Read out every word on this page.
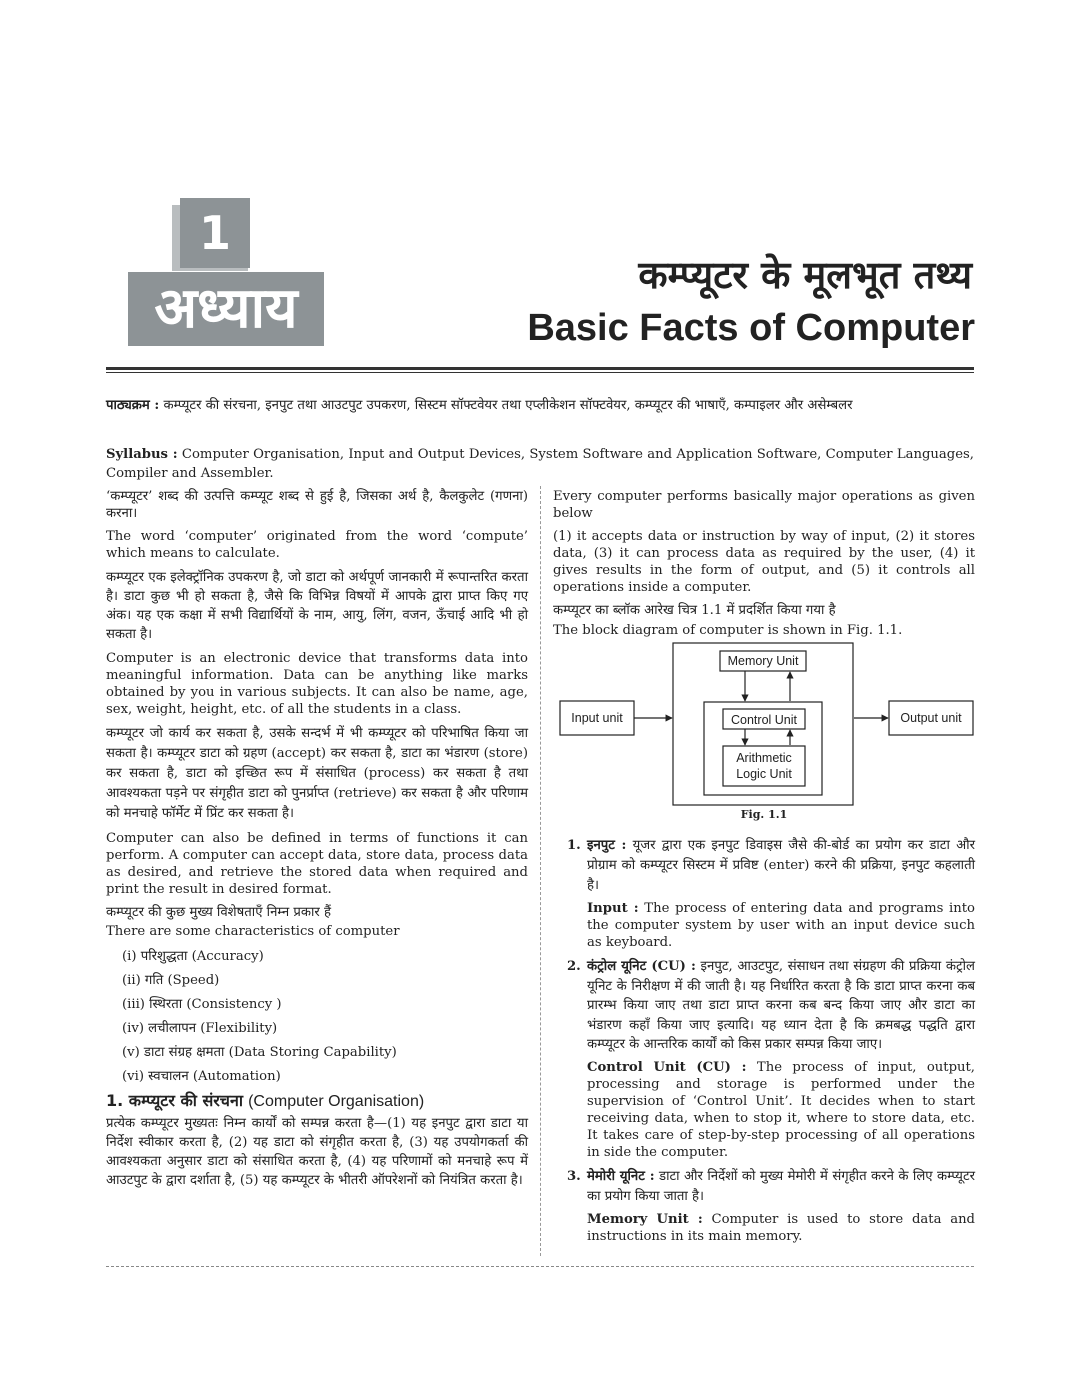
1
अध्याय
कम्प्यूटर के मूलभूत तथ्य
Basic Facts of Computer
पाठ्यक्रम : कम्प्यूटर की संरचना, इनपुट तथा आउटपुट उपकरण, सिस्टम सॉफ्टवेयर तथा एप्लीकेशन सॉफ्टवेयर, कम्प्यूटर की भाषाएँ, कम्पाइलर और असेम्बलर
Syllabus : Computer Organisation, Input and Output Devices, System Software and Application Software, Computer Languages, Compiler and Assembler.

‘कम्प्यूटर’ शब्द की उत्पत्ति कम्प्यूट शब्द से हुई है, जिसका अर्थ है, कैलकुलेट (गणना) करना।

The word ‘computer’ originated from the word ‘compute’ which means to calculate.

कम्प्यूटर एक इलेक्ट्रॉनिक उपकरण है, जो डाटा को अर्थपूर्ण जानकारी में रूपान्तरित करता है। डाटा कुछ भी हो सकता है, जैसे कि विभिन्न विषयों में आपके द्वारा प्राप्त किए गए अंक। यह एक कक्षा में सभी विद्यार्थियों के नाम, आयु, लिंग, वजन, ऊँचाई आदि भी हो सकता है।

Computer is an electronic device that transforms data into meaningful information. Data can be anything like marks obtained by you in various subjects. It can also be name, age, sex, weight, height, etc. of all the students in a class.

कम्प्यूटर जो कार्य कर सकता है, उसके सन्दर्भ में भी कम्प्यूटर को परिभाषित किया जा सकता है। कम्प्यूटर डाटा को ग्रहण (accept) कर सकता है, डाटा का भंडारण (store) कर सकता है, डाटा को इच्छित रूप में संसाधित (process) कर सकता है तथा आवश्यकता पड़ने पर संगृहीत डाटा को पुनर्प्राप्त (retrieve) कर सकता है और परिणाम को मनचाहे फॉर्मेट में प्रिंट कर सकता है।

Computer can also be defined in terms of functions it can perform. A computer can accept data, store data, process data as desired, and retrieve the stored data when required and print the result in desired format.

कम्प्यूटर की कुछ मुख्य विशेषताएँ निम्न प्रकार हैं

There are some characteristics of computer

(i) परिशुद्धता (Accuracy)
(ii) गति (Speed)
(iii) स्थिरता (Consistency )
(iv) लचीलापन (Flexibility)
(v) डाटा संग्रह क्षमता (Data Storing Capability)
(vi) स्वचालन (Automation)
1. कम्प्यूटर की संरचना (Computer Organisation)

प्रत्येक कम्प्यूटर मुख्यतः निम्न कार्यों को सम्पन्न करता है—(1) यह इनपुट द्वारा डाटा या निर्देश स्वीकार करता है, (2) यह डाटा को संगृहीत करता है, (3) यह उपयोगकर्ता की आवश्यकता अनुसार डाटा को संसाधित करता है, (4) यह परिणामों को मनचाहे रूप में आउटपुट के द्वारा दर्शाता है, (5) यह कम्प्यूटर के भीतरी ऑपरेशनों को नियंत्रित करता है।

Every computer performs basically major operations as given below

(1) it accepts data or instruction by way of input, (2) it stores data, (3) it can process data as required by the user, (4) it gives results in the form of output, and (5) it controls all operations inside a computer.

कम्प्यूटर का ब्लॉक आरेख चित्र 1.1 में प्रदर्शित किया गया है

The block diagram of computer is shown in Fig. 1.1.

Memory Unit
Control Unit
Arithmetic
Logic Unit
Input unit	Output unit
Fig. 1.1
1. इनपुट : यूजर द्वारा एक इनपुट डिवाइस जैसे की-बोर्ड का प्रयोग कर डाटा और प्रोग्राम को कम्प्यूटर सिस्टम में प्रविष्ट (enter) करने की प्रक्रिया, इनपुट कहलाती है।
Input : The process of entering data and programs into the computer system by user with an input device such as keyboard.
2. कंट्रोल यूनिट (CU) : इनपुट, आउटपुट, संसाधन तथा संग्रहण की प्रक्रिया कंट्रोल यूनिट के निरीक्षण में की जाती है। यह निर्धारित करता है कि डाटा प्राप्त करना कब प्रारम्भ किया जाए तथा डाटा प्राप्त करना कब बन्द किया जाए और डाटा का भंडारण कहाँ किया जाए इत्यादि। यह ध्यान देता है कि क्रमबद्ध पद्धति द्वारा कम्प्यूटर के आन्तरिक कार्यों को किस प्रकार सम्पन्न किया जाए।
Control Unit (CU) : The process of input, output, processing and storage is performed under the supervision of ‘Control Unit’. It decides when to start receiving data, when to stop it, where to store data, etc. It takes care of step-by-step processing of all operations in side the computer.
3. मेमोरी यूनिट : डाटा और निर्देशों को मुख्य मेमोरी में संगृहीत करने के लिए कम्प्यूटर का प्रयोग किया जाता है।
Memory Unit : Computer is used to store data and instructions in its main memory.
